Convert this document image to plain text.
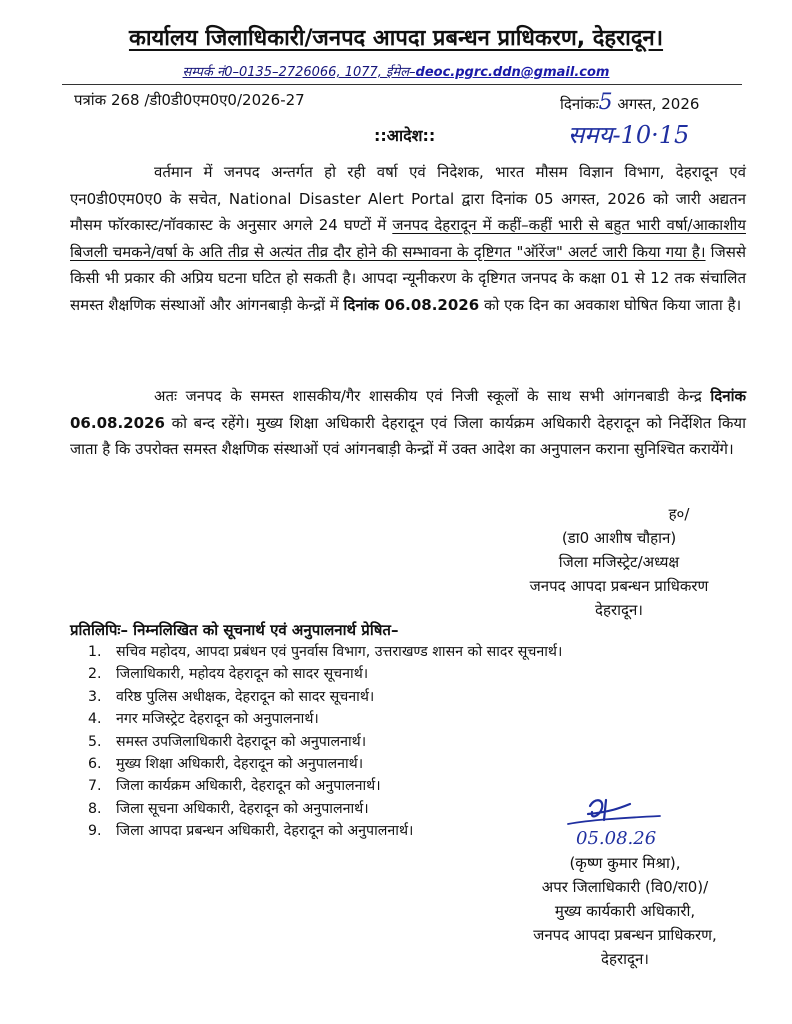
कार्यालय जिलाधिकारी/जनपद आपदा प्रबन्धन प्राधिकरण, देहरादून।
सम्पर्क नं0–0135–2726066, 1077, ईमेल–deoc.pgrc.ddn@gmail.com
पत्रांक 268 /डी0डी0एम0ए0/2026-27	दिनांकः5 अगस्त, 2026
::आदेश::	समय-10·15

वर्तमान में जनपद अन्तर्गत हो रही वर्षा एवं निदेशक, भारत मौसम विज्ञान विभाग, देहरादून एवं एन0डी0एम0ए0 के सचेत, National Disaster Alert Portal द्वारा दिनांक 05 अगस्त, 2026 को जारी अद्यतन मौसम फॉरकास्ट/नॉवकास्ट के अनुसार अगले 24 घण्टों में जनपद देहरादून में कहीं–कहीं भारी से बहुत भारी वर्षा/आकाशीय बिजली चमकने/वर्षा के अति तीव्र से अत्यंत तीव्र दौर होने की सम्भावना के दृष्टिगत "ऑरेंज" अलर्ट जारी किया गया है। जिससे किसी भी प्रकार की अप्रिय घटना घटित हो सकती है। आपदा न्यूनीकरण के दृष्टिगत जनपद के कक्षा 01 से 12 तक संचालित समस्त शैक्षणिक संस्थाओं और आंगनबाड़ी केन्द्रों में दिनांक 06.08.2026 को एक दिन का अवकाश घोषित किया जाता है।

अतः जनपद के समस्त शासकीय/गैर शासकीय एवं निजी स्कूलों के साथ सभी आंगनबाडी केन्द्र दिनांक 06.08.2026 को बन्द रहेंगे। मुख्य शिक्षा अधिकारी देहरादून एवं जिला कार्यक्रम अधिकारी देहरादून को निर्देशित किया जाता है कि उपरोक्त समस्त शैक्षणिक संस्थाओं एवं आंगनबाड़ी केन्द्रों में उक्त आदेश का अनुपालन कराना सुनिश्चित करायेंगे।

ह०/
(डा0 आशीष चौहान)
जिला मजिस्ट्रेट/अध्यक्ष
जनपद आपदा प्रबन्धन प्राधिकरण
देहरादून।
प्रतिलिपिः– निम्नलिखित को सूचनार्थ एवं अनुपालनार्थ प्रेषित–
1. सचिव महोदय, आपदा प्रबंधन एवं पुनर्वास विभाग, उत्तराखण्ड शासन को सादर सूचनार्थ।
2. जिलाधिकारी, महोदय देहरादून को सादर सूचनार्थ।
3. वरिष्ठ पुलिस अधीक्षक, देहरादून को सादर सूचनार्थ।
4. नगर मजिस्ट्रेट देहरादून को अनुपालनार्थ।
5. समस्त उपजिलाधिकारी देहरादून को अनुपालनार्थ।
6. मुख्य शिक्षा अधिकारी, देहरादून को अनुपालनार्थ।
7. जिला कार्यक्रम अधिकारी, देहरादून को अनुपालनार्थ।
8. जिला सूचना अधिकारी, देहरादून को अनुपालनार्थ।
9. जिला आपदा प्रबन्धन अधिकारी, देहरादून को अनुपालनार्थ।	05.08.26
(कृष्ण कुमार मिश्रा),
अपर जिलाधिकारी (वि0/रा0)/
मुख्य कार्यकारी अधिकारी,
जनपद आपदा प्रबन्धन प्राधिकरण,
देहरादून।
